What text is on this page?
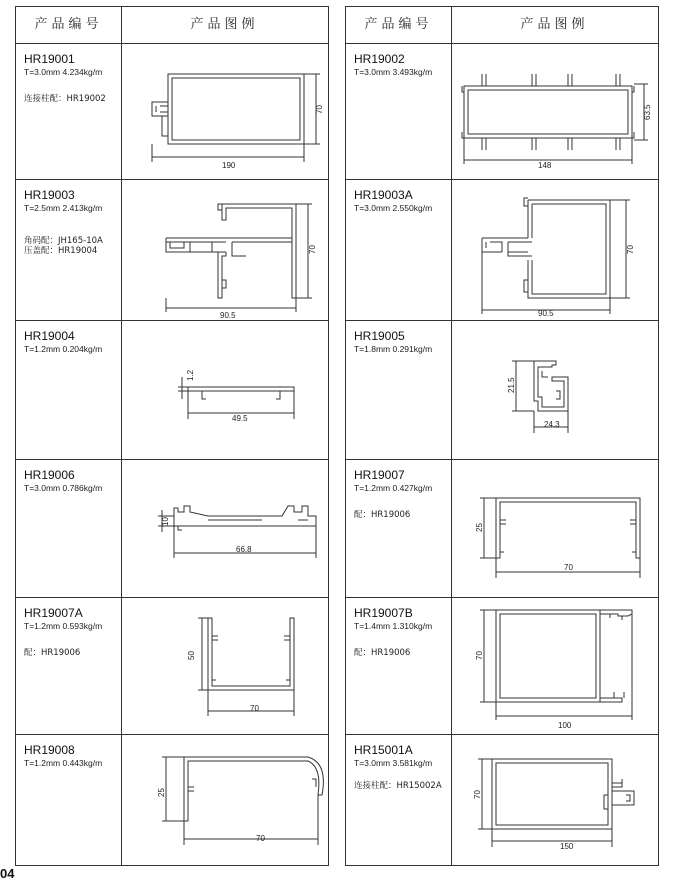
产品编号	产品图例
HR19001
T=3.0mm 4.234kg/m
连接柱配：HR19002
190
70
HR19003
T=2.5mm 2.413kg/m
角码配：JH165-10A
压盖配：HR19004
90.5
70
HR19004
T=1.2mm 0.204kg/m
49.5
1.2
HR19006
T=3.0mm 0.786kg/m
66.8
10
HR19007A
T=1.2mm 0.593kg/m
配：HR19006
70
50
HR19008
T=1.2mm 0.443kg/m
70
25
产品编号	产品图例
HR19002
T=3.0mm 3.493kg/m
148
63.5
HR19003A
T=3.0mm 2.550kg/m
90.5
70
HR19005
T=1.8mm 0.291kg/m
24.3
21.5
HR19007
T=1.2mm 0.427kg/m
配：HR19006
70
25
HR19007B
T=1.4mm 1.310kg/m
配：HR19006
100
70
HR15001A
T=3.0mm 3.581kg/m
连接柱配：HR15002A
150
70
04
